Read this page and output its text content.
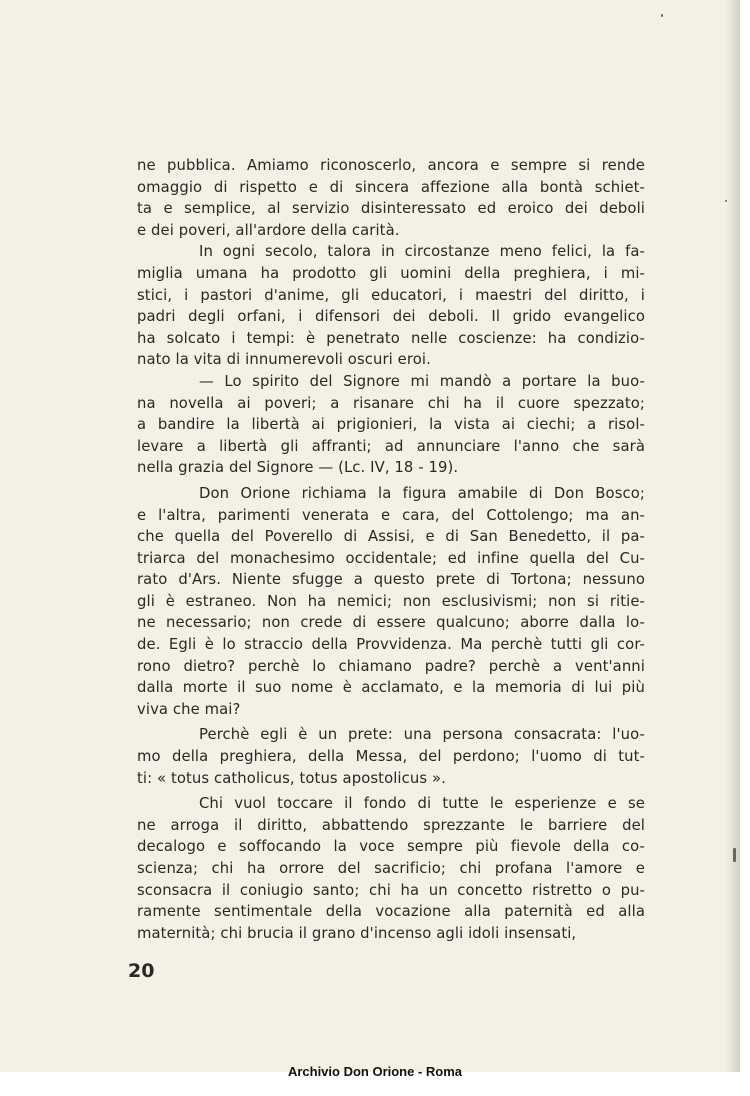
ne pubblica. Amiamo riconoscerlo, ancora e sempre si rende
omaggio di rispetto e di sincera affezione alla bontà schiet-
ta e semplice, al servizio disinteressato ed eroico dei deboli
e dei poveri, all'ardore della carità.
In ogni secolo, talora in circostanze meno felici, la fa-
miglia umana ha prodotto gli uomini della preghiera, i mi-
stici, i pastori d'anime, gli educatori, i maestri del diritto, i
padri degli orfani, i difensori dei deboli. Il grido evangelico
ha solcato i tempi: è penetrato nelle coscienze: ha condizio-
nato la vita di innumerevoli oscuri eroi.
— Lo spirito del Signore mi mandò a portare la buo-
na novella ai poveri; a risanare chi ha il cuore spezzato;
a bandire la libertà ai prigionieri, la vista ai ciechi; a risol-
levare a libertà gli affranti; ad annunciare l'anno che sarà
nella grazia del Signore — (Lc. IV, 18 - 19).
Don Orione richiama la figura amabile di Don Bosco;
e l'altra, parimenti venerata e cara, del Cottolengo; ma an-
che quella del Poverello di Assisi, e di San Benedetto, il pa-
triarca del monachesimo occidentale; ed infine quella del Cu-
rato d'Ars. Niente sfugge a questo prete di Tortona; nessuno
gli è estraneo. Non ha nemici; non esclusivismi; non si ritie-
ne necessario; non crede di essere qualcuno; aborre dalla lo-
de. Egli è lo straccio della Provvidenza. Ma perchè tutti gli cor-
rono dietro? perchè lo chiamano padre? perchè a vent'anni
dalla morte il suo nome è acclamato, e la memoria di lui più
viva che mai?
Perchè egli è un prete: una persona consacrata: l'uo-
mo della preghiera, della Messa, del perdono; l'uomo di tut-
ti: « totus catholicus, totus apostolicus ».
Chi vuol toccare il fondo di tutte le esperienze e se
ne arroga il diritto, abbattendo sprezzante le barriere del
decalogo e soffocando la voce sempre più fievole della co-
scienza; chi ha orrore del sacrificio; chi profana l'amore e
sconsacra il coniugio santo; chi ha un concetto ristretto o pu-
ramente sentimentale della vocazione alla paternità ed alla
maternità; chi brucia il grano d'incenso agli idoli insensati,
20
Archivio Don Orione - Roma
